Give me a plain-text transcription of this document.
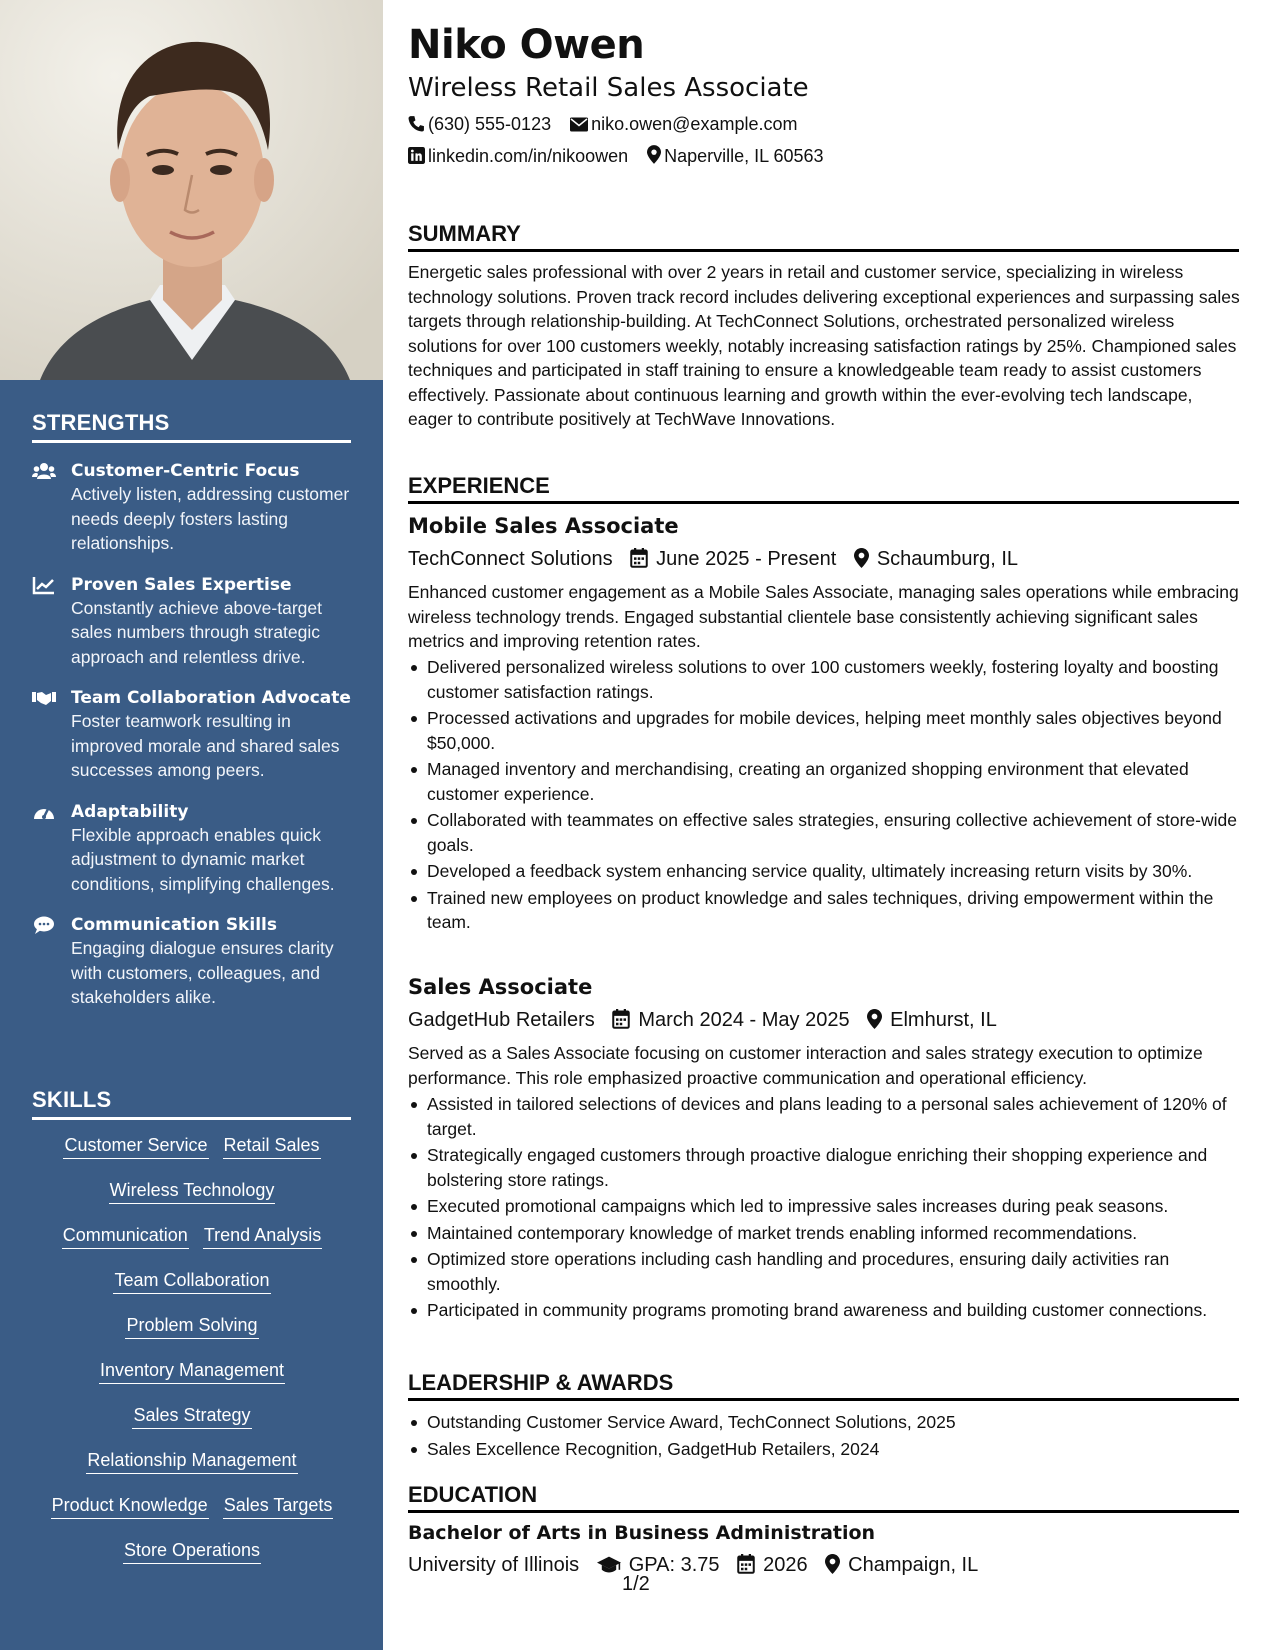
STRENGTHS
Customer-Centric Focus
Actively listen, addressing customer needs deeply fosters lasting relationships.
Proven Sales Expertise
Constantly achieve above-target sales numbers through strategic approach and relentless drive.
Team Collaboration Advocate
Foster teamwork resulting in improved morale and shared sales successes among peers.
Adaptability
Flexible approach enables quick adjustment to dynamic market conditions, simplifying challenges.
Communication Skills
Engaging dialogue ensures clarity with customers, colleagues, and stakeholders alike.
SKILLS
Customer Service Retail Sales
Wireless Technology
Communication Trend Analysis
Team Collaboration
Problem Solving
Inventory Management
Sales Strategy
Relationship Management
Product Knowledge Sales Targets
Store Operations
Niko Owen
Wireless Retail Sales Associate
(630) 555-0123 niko.owen@example.com
linkedin.com/in/nikoowen Naperville, IL 60563
SUMMARY

Energetic sales professional with over 2 years in retail and customer service, specializing in wireless technology solutions. Proven track record includes delivering exceptional experiences and surpassing sales targets through relationship-building. At TechConnect Solutions, orchestrated personalized wireless solutions for over 100 customers weekly, notably increasing satisfaction ratings by 25%. Championed sales techniques and participated in staff training to ensure a knowledgeable team ready to assist customers effectively. Passionate about continuous learning and growth within the ever-evolving tech landscape, eager to contribute positively at TechWave Innovations.

EXPERIENCE
Mobile Sales Associate
TechConnect Solutions June 2025 - Present Schaumburg, IL

Enhanced customer engagement as a Mobile Sales Associate, managing sales operations while embracing wireless technology trends. Engaged substantial clientele base consistently achieving significant sales metrics and improving retention rates.

Delivered personalized wireless solutions to over 100 customers weekly, fostering loyalty and boosting customer satisfaction ratings.
Processed activations and upgrades for mobile devices, helping meet monthly sales objectives beyond $50,000.
Managed inventory and merchandising, creating an organized shopping environment that elevated customer experience.
Collaborated with teammates on effective sales strategies, ensuring collective achievement of store-wide goals.
Developed a feedback system enhancing service quality, ultimately increasing return visits by 30%.
Trained new employees on product knowledge and sales techniques, driving empowerment within the team.
Sales Associate
GadgetHub Retailers March 2024 - May 2025 Elmhurst, IL

Served as a Sales Associate focusing on customer interaction and sales strategy execution to optimize performance. This role emphasized proactive communication and operational efficiency.

Assisted in tailored selections of devices and plans leading to a personal sales achievement of 120% of target.
Strategically engaged customers through proactive dialogue enriching their shopping experience and bolstering store ratings.
Executed promotional campaigns which led to impressive sales increases during peak seasons.
Maintained contemporary knowledge of market trends enabling informed recommendations.
Optimized store operations including cash handling and procedures, ensuring daily activities ran smoothly.
Participated in community programs promoting brand awareness and building customer connections.
LEADERSHIP & AWARDS
Outstanding Customer Service Award, TechConnect Solutions, 2025
Sales Excellence Recognition, GadgetHub Retailers, 2024
EDUCATION
Bachelor of Arts in Business Administration
University of Illinois GPA: 3.75 2026 Champaign, IL
1/2
